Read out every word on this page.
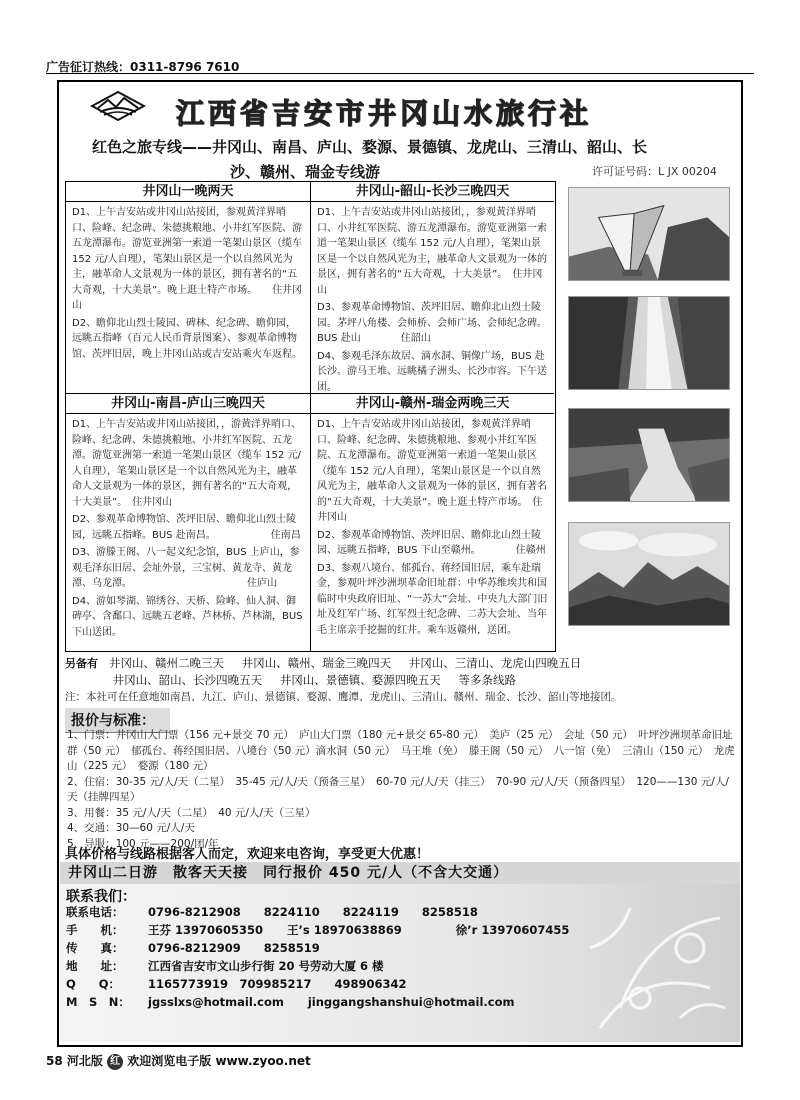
广告征订热线：0311-8796 7610
江西省吉安市井冈山水旅行社
红色之旅专线——井冈山、南昌、庐山、婺源、景德镇、龙虎山、三清山、韶山、长
沙、赣州、瑞金专线游	许可证号码：L JX 00204
井冈山一晚两天

D1、上午吉安站或井冈山站接团，参观黄洋界哨口、险峰、纪念碑、朱德挑粮地、小井红军医院、游五龙潭瀑布。游览亚洲第一索道一笔架山景区（缆车 152 元/人自理），笔架山景区是一个以自然风光为主，融革命人文景观为一体的景区，拥有著名的“五大奇观，十大美景”。晚上逛土特产市场。　　住井冈山

D2、瞻仰北山烈士陵园、碑林、纪念碑、瞻仰园，远眺五指峰（百元人民币背景图案）、参观革命博物馆、茨坪旧居，晚上井冈山站或吉安站乘火车返程。

井冈山-韶山-长沙三晚四天

D1、上午吉安站或井冈山站接团，，参观黄洋界哨口、小井红军医院、游五龙潭瀑布。游览亚洲第一索道一笔架山景区（缆车 152 元/人自理），笔架山景区是一个以自然风光为主，融革命人文景观为一体的景区，拥有著名的“五大奇观，十大美景”。　住井冈山

D3、参观革命博物馆、茨坪旧居、瞻仰北山烈士陵园。茅坪八角楼、会师桥、会师广场、会师纪念碑。BUS 赴山　　　　住韶山

D4、参观毛泽东故居、滴水洞、铜像广场，BUS 赴长沙。游马王堆、远眺橘子洲头、长沙市容。下午送团。

井冈山-南昌-庐山三晚四天

D1、上午吉安站或井冈山站接团，，游黄洋界哨口、险峰、纪念碑、朱德挑粮地、小井红军医院、五龙潭。游览亚洲第一索道一笔架山景区（缆车 152 元/人自理），笔架山景区是一个以自然风光为主，融革命人文景观为一体的景区，拥有著名的“五大奇观，十大美景”。　住井冈山

D2、参观革命博物馆、茨坪旧居、瞻仰北山烈士陵园，远眺五指峰。BUS 赴南昌。　　　　　　住南昌

D3、游滕王阁、八一起义纪念馆，BUS 上庐山，参观毛泽东旧居、会址外景，三宝树、黄龙寺、黄龙潭、乌龙潭。　　　　　　　　　　　　住庐山

D4、游如琴湖、锦绣谷、天桥、险峰、仙人洞、御碑亭、含鄱口、远眺五老峰、芦林桥、芦林湖，BUS 下山送团。

井冈山-赣州-瑞金两晚三天

D1、上午吉安站或井冈山站接团，参观黄洋界哨口、险峰、纪念碑、朱德挑粮地、参观小井红军医院、五龙潭瀑布。游览亚洲第一索道一笔架山景区（缆车 152 元/人自理），笔架山景区是一个以自然风光为主，融革命人文景观为一体的景区，拥有著名的“五大奇观，十大美景”。晚上逛土特产市场。　住井冈山

D2、参观革命博物馆、茨坪旧居、瞻仰北山烈士陵园、远眺五指峰，BUS 下山至赣州。　　　　住赣州

D3、参观八境台、郁孤台、蒋经国旧居，乘车赴瑞金，参观叶坪沙洲坝革命旧址群：中华苏维埃共和国临时中央政府旧址、“一苏大”会址、中央九大部门旧址及红军广场、红军烈士纪念碑、二苏大会址、当年毛主席亲手挖掘的红井。乘车返赣州，送团。

另备有 井冈山、赣州二晚三天 井冈山、赣州、瑞金三晚四天 井冈山、三清山、龙虎山四晚五日
井冈山、韶山、长沙四晚五天 井冈山、景德镇、婺源四晚五天 等多条线路
注：本社可在任意地如南昌、九江、庐山、景德镇、婺源、鹰潭、龙虎山、三清山、赣州、瑞金、长沙、韶山等地接团。
报价与标准：
1、门票：井冈山大门票（156 元+景交 70 元）　庐山大门票（180 元+景交 65-80 元）　美庐（25 元）　会址（50 元）　叶坪沙洲坝革命旧址群（50 元）　郁孤台、蒋经国旧居、八境台（50 元）滴水洞（50 元）　马王堆（免）　滕王阁（50 元）　八一馆（免）　三清山（150 元）　龙虎山（225 元）　婺源（180 元）
2、住宿：30-35 元/人/天（二星）　35-45 元/人/天（预备三星）　60-70 元/人/天（挂三）　70-90 元/人/天（预备四星）　120——130 元/人/天（挂牌四星）
3、用餐：35 元/人/天（二星）　40 元/人/天（三星）
4、交通：30—60 元/人/天
5、导服：100 元——200/团/年
具体价格与线路根据客人而定，欢迎来电咨询，享受更大优惠！
井冈山二日游　散客天天接　同行报价 450 元/人（不含大交通）
联系我们：
联系电话： 0796-8212908　　8224110　　8224119　　8258518
手　　机： 王芬 13970605350 王’s 18970638869	徐’r 13970607455
传　　真： 0796-8212909　　8258519
地　　址： 江西省吉安市文山步行街 20 号劳动大厦 6 楼
Q　　Q： 1165773919　709985217　　498906342
M　S　N： jgsslxs@hotmail.com jinggangshanshui@hotmail.com
58 河北版 红 欢迎浏览电子版 www.zyoo.net
